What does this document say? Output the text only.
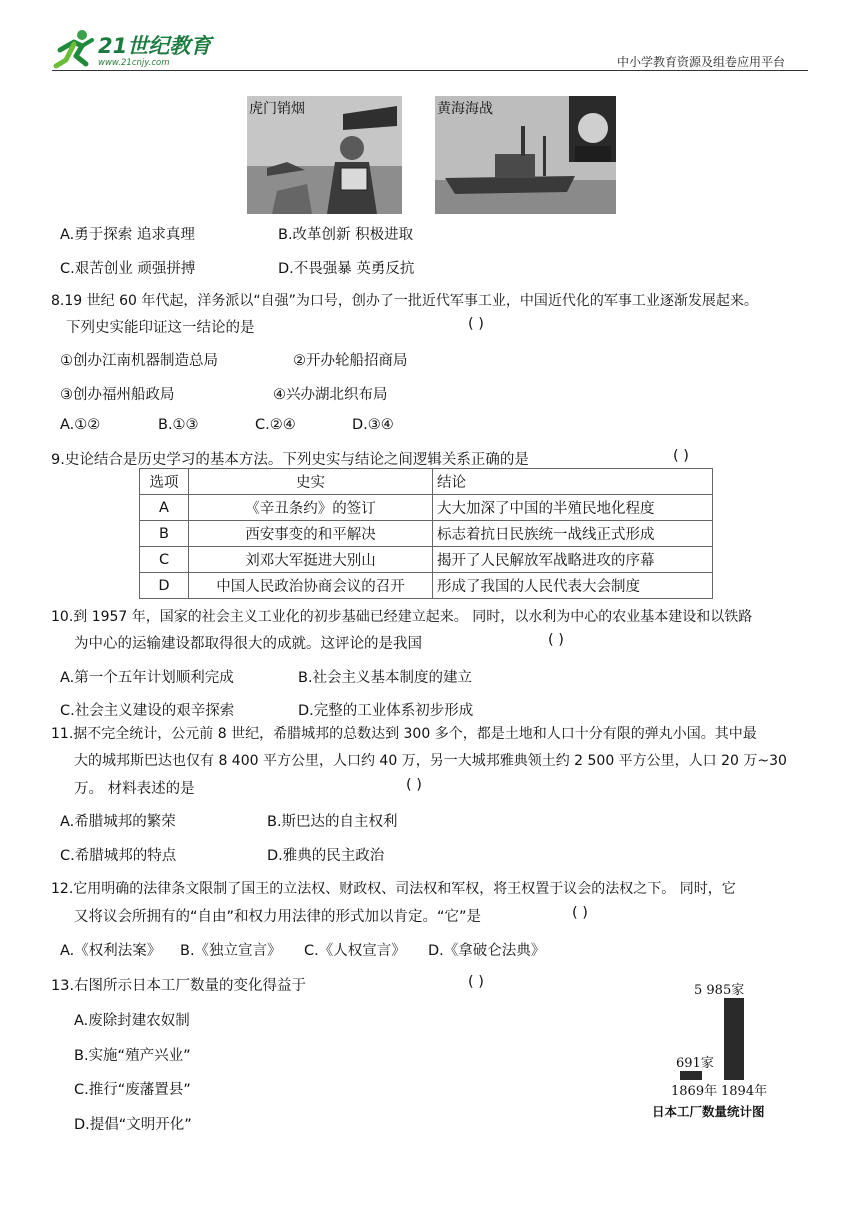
21世纪教育
www.21cnjy.com	中小学教育资源及组卷应用平台
虎门销烟	黄海海战
A.勇于探索 追求真理	B.改革创新 积极进取
C.艰苦创业 顽强拼搏	D.不畏强暴 英勇反抗
8.19 世纪 60 年代起，洋务派以“自强”为口号，创办了一批近代军事工业，中国近代化的军事工业逐渐发展起来。
下列史实能印证这一结论的是	( )
①创办江南机器制造总局	②开办轮船招商局
③创办福州船政局	④兴办湖北织布局
A.①②	B.①③	C.②④	D.③④
9.史论结合是历史学习的基本方法。下列史实与结论之间逻辑关系正确的是	( )
选项	史实	结论
A	《辛丑条约》的签订	大大加深了中国的半殖民地化程度
B	西安事变的和平解决	标志着抗日民族统一战线正式形成
C	刘邓大军挺进大别山	揭开了人民解放军战略进攻的序幕
D	中国人民政治协商会议的召开	形成了我国的人民代表大会制度
10.到 1957 年，国家的社会主义工业化的初步基础已经建立起来。 同时，以水利为中心的农业基本建设和以铁路
为中心的运输建设都取得很大的成就。这评论的是我国	( )
A.第一个五年计划顺利完成	B.社会主义基本制度的建立
C.社会主义建设的艰辛探索	D.完整的工业体系初步形成
11.据不完全统计，公元前 8 世纪，希腊城邦的总数达到 300 多个，都是土地和人口十分有限的弹丸小国。其中最
大的城邦斯巴达也仅有 8 400 平方公里，人口约 40 万，另一大城邦雅典领土约 2 500 平方公里，人口 20 万~30
万。 材料表述的是	( )
A.希腊城邦的繁荣	B.斯巴达的自主权利
C.希腊城邦的特点	D.雅典的民主政治
12.它用明确的法律条文限制了国王的立法权、财政权、司法权和军权，将王权置于议会的法权之下。 同时，它
又将议会所拥有的“自由”和权力用法律的形式加以肯定。“它”是	( )
A.《权利法案》 B.《独立宣言》 C.《人权宣言》 D.《拿破仑法典》
13.右图所示日本工厂数量的变化得益于	( )
A.废除封建农奴制
B.实施“殖产兴业”
C.推行“废藩置县”
D.提倡“文明开化”
691家
5 985家
1869年 1894年
日本工厂数量统计图
